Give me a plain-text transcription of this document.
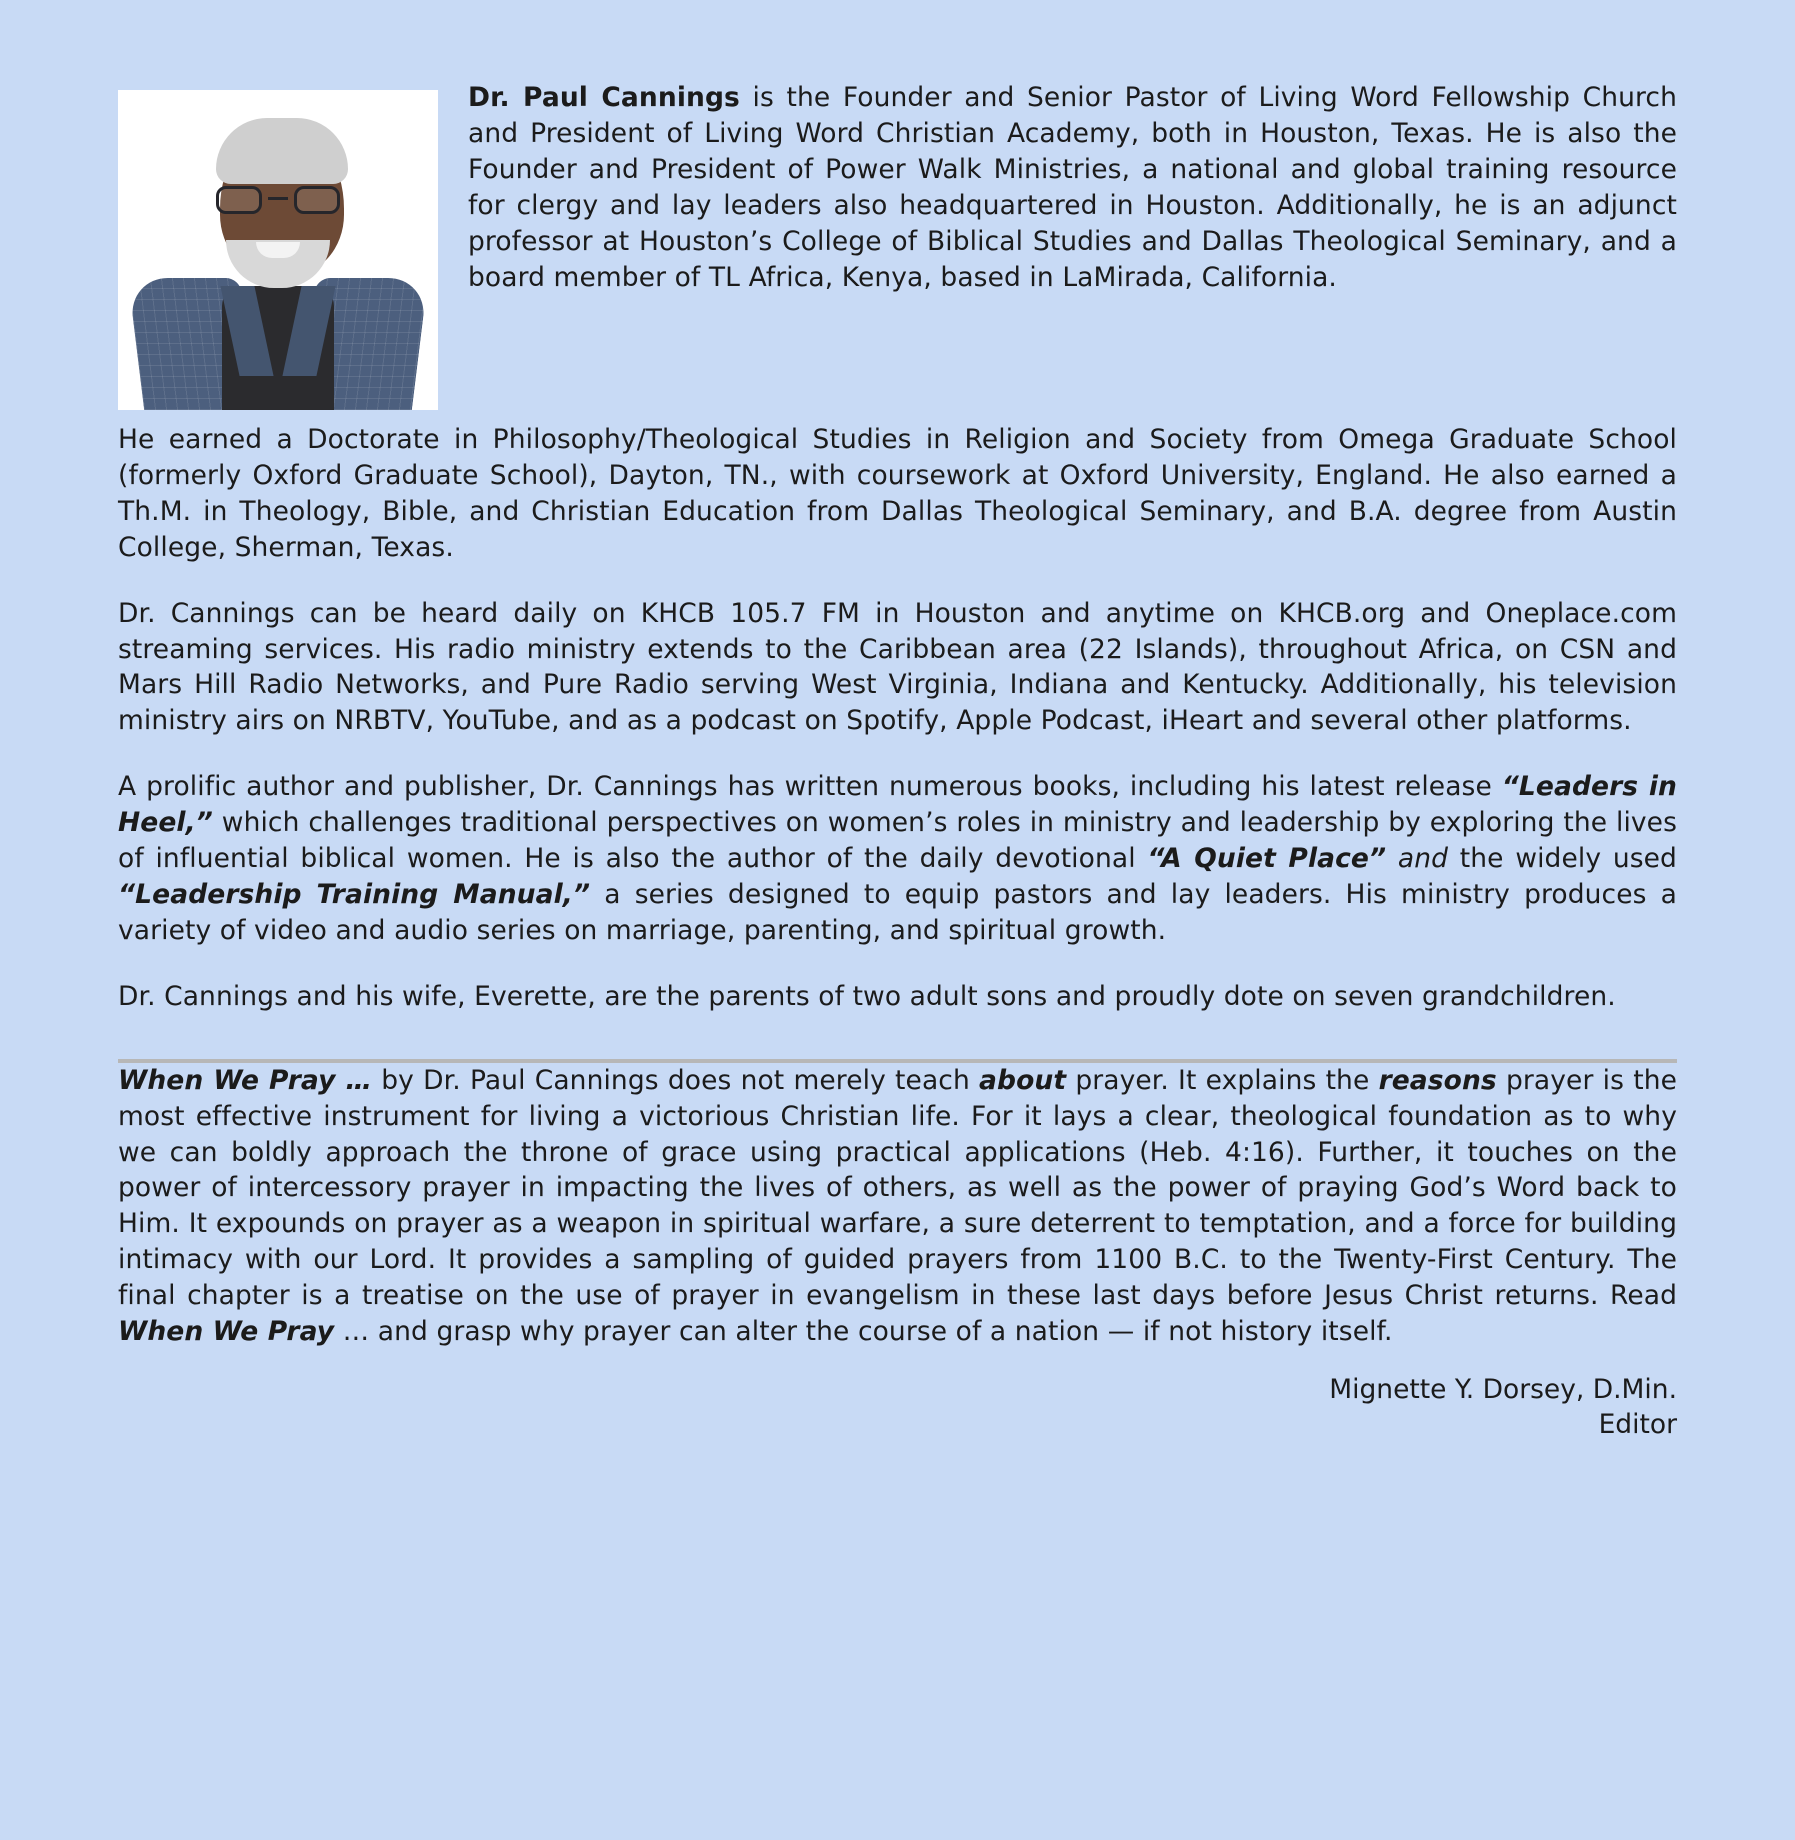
Dr. Paul Cannings is the Founder and Senior Pastor of Living Word Fellowship Church and President of Living Word Christian Academy, both in Houston, Texas. He is also the Founder and President of Power Walk Ministries, a national and global training resource for clergy and lay leaders also headquartered in Houston. Additionally, he is an adjunct professor at Houston’s College of Biblical Studies and Dallas Theological Seminary, and a board member of TL Africa, Kenya, based in LaMirada, California.

He earned a Doctorate in Philosophy/Theological Studies in Religion and Society from Omega Graduate School (formerly Oxford Graduate School), Dayton, TN., with coursework at Oxford University, England. He also earned a Th.M. in Theology, Bible, and Christian Education from Dallas Theological Seminary, and B.A. degree from Austin College, Sherman, Texas.

Dr. Cannings can be heard daily on KHCB 105.7 FM in Houston and anytime on KHCB.org and Oneplace.com streaming services. His radio ministry extends to the Caribbean area (22 Islands), throughout Africa, on CSN and Mars Hill Radio Networks, and Pure Radio serving West Virginia, Indiana and Kentucky. Additionally, his television ministry airs on NRBTV, YouTube, and as a podcast on Spotify, Apple Podcast, iHeart and several other platforms.

A prolific author and publisher, Dr. Cannings has written numerous books, including his latest release “Leaders in Heel,” which challenges traditional perspectives on women’s roles in ministry and leadership by exploring the lives of influential biblical women. He is also the author of the daily devotional “A Quiet Place” and the widely used “Leadership Training Manual,” a series designed to equip pastors and lay leaders. His ministry produces a variety of video and audio series on marriage, parenting, and spiritual growth.

Dr. Cannings and his wife, Everette, are the parents of two adult sons and proudly dote on seven grandchildren.

When We Pray … by Dr. Paul Cannings does not merely teach about prayer. It explains the reasons prayer is the most effective instrument for living a victorious Christian life. For it lays a clear, theological foundation as to why we can boldly approach the throne of grace using practical applications (Heb. 4:16). Further, it touches on the power of intercessory prayer in impacting the lives of others, as well as the power of praying God’s Word back to Him. It expounds on prayer as a weapon in spiritual warfare, a sure deterrent to temptation, and a force for building intimacy with our Lord. It provides a sampling of guided prayers from 1100 B.C. to the Twenty-First Century. The final chapter is a treatise on the use of prayer in evangelism in these last days before Jesus Christ returns. Read When We Pray … and grasp why prayer can alter the course of a nation — if not history itself.

Mignette Y. Dorsey, D.Min.
Editor
